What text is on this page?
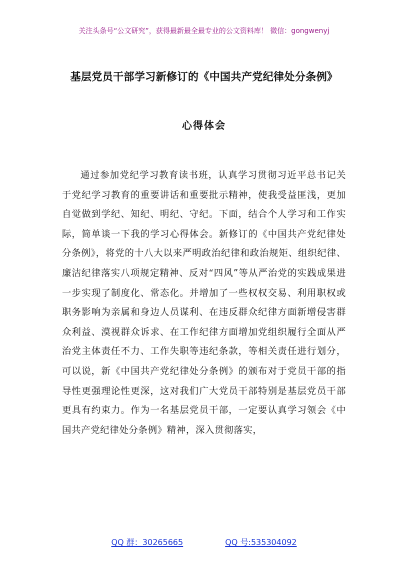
关注头条号“公文研究”，获得最新最全最专业的公文资料库！ 微信：gongwenyj
基层党员干部学习新修订的《中国共产党纪律处分条例》
心得体会

通过参加党纪学习教育读书班，认真学习贯彻习近平总书记关于党纪学习教育的重要讲话和重要批示精神，使我受益匪浅，更加自觉做到学纪、知纪、明纪、守纪。下面，结合个人学习和工作实际，简单谈一下我的学习心得体会。新修订的《中国共产党纪律处分条例》，将党的十八大以来严明政治纪律和政治规矩、组织纪律、廉洁纪律落实八项规定精神、反对“四风”等从严治党的实践成果进一步实现了制度化、常态化。并增加了一些权权交易、利用职权或职务影响为亲属和身边人员谋利、在违反群众纪律方面新增侵害群众利益、漠视群众诉求、在工作纪律方面增加党组织履行全面从严治党主体责任不力、工作失职等违纪条款，等相关责任进行划分，可以说，新《中国共产党纪律处分条例》的颁布对于党员干部的指导性更强理论性更深，这对我们广大党员干部特别是基层党员干部更具有约束力。作为一名基层党员干部，一定要认真学习领会《中国共产党纪律处分条例》精神，深入贯彻落实，

QQ 群：30265665	QQ 号:535304092
